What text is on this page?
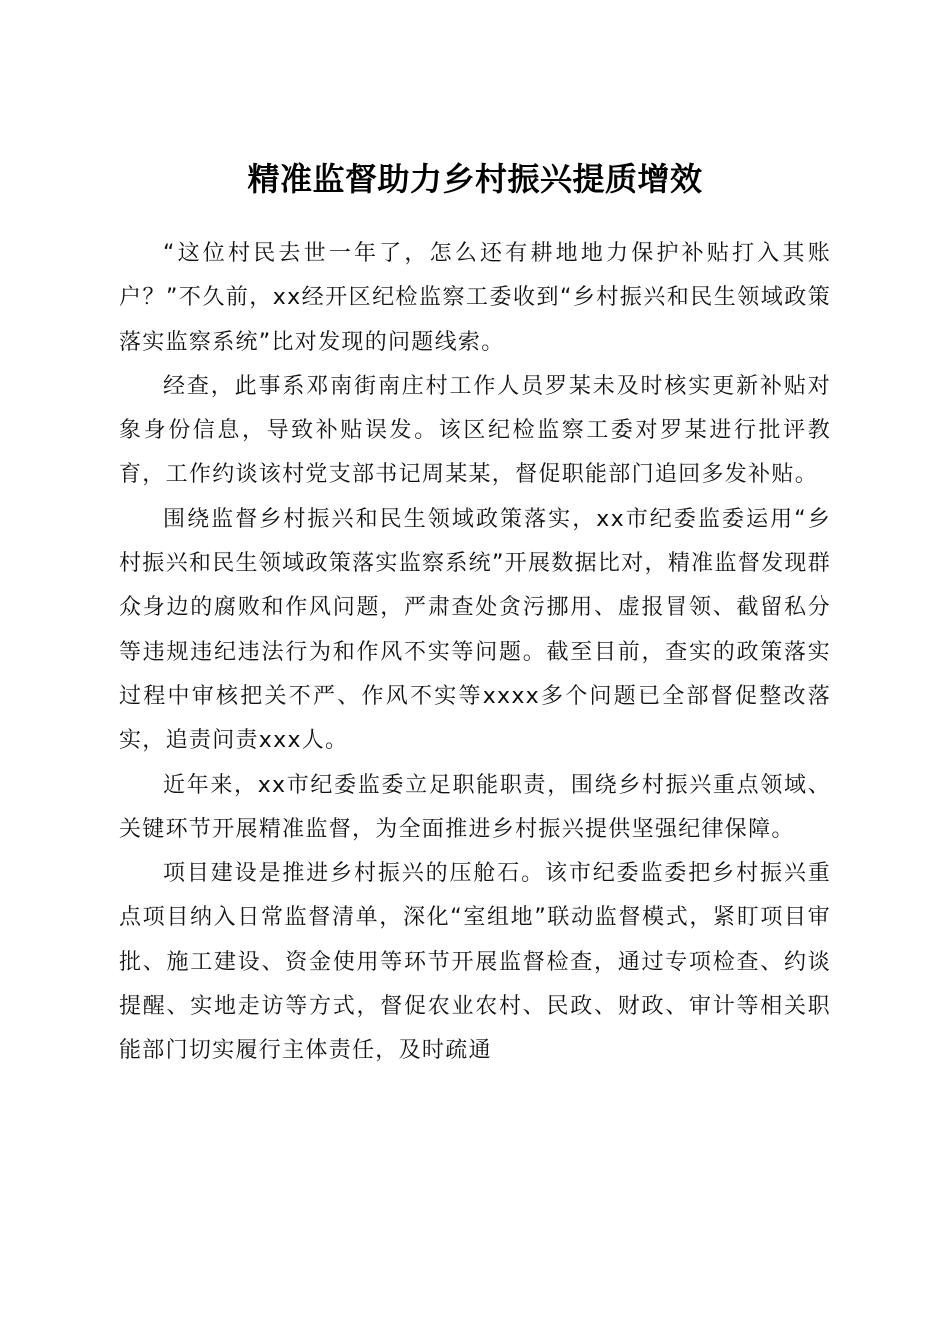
精准监督助力乡村振兴提质增效

“这位村民去世一年了，怎么还有耕地地力保护补贴打入其账户？”不久前，xx经开区纪检监察工委收到“乡村振兴和民生领域政策落实监察系统”比对发现的问题线索。

经查，此事系邓南街南庄村工作人员罗某未及时核实更新补贴对象身份信息，导致补贴误发。该区纪检监察工委对罗某进行批评教育，工作约谈该村党支部书记周某某，督促职能部门追回多发补贴。

围绕监督乡村振兴和民生领域政策落实，xx市纪委监委运用“乡村振兴和民生领域政策落实监察系统”开展数据比对，精准监督发现群众身边的腐败和作风问题，严肃查处贪污挪用、虚报冒领、截留私分等违规违纪违法行为和作风不实等问题。截至目前，查实的政策落实过程中审核把关不严、作风不实等xxxx多个问题已全部督促整改落实，追责问责xxx人。

近年来，xx市纪委监委立足职能职责，围绕乡村振兴重点领域、关键环节开展精准监督，为全面推进乡村振兴提供坚强纪律保障。

项目建设是推进乡村振兴的压舱石。该市纪委监委把乡村振兴重点项目纳入日常监督清单，深化“室组地”联动监督模式，紧盯项目审批、施工建设、资金使用等环节开展监督检查，通过专项检查、约谈提醒、实地走访等方式，督促农业农村、民政、财政、审计等相关职能部门切实履行主体责任，及时疏通
